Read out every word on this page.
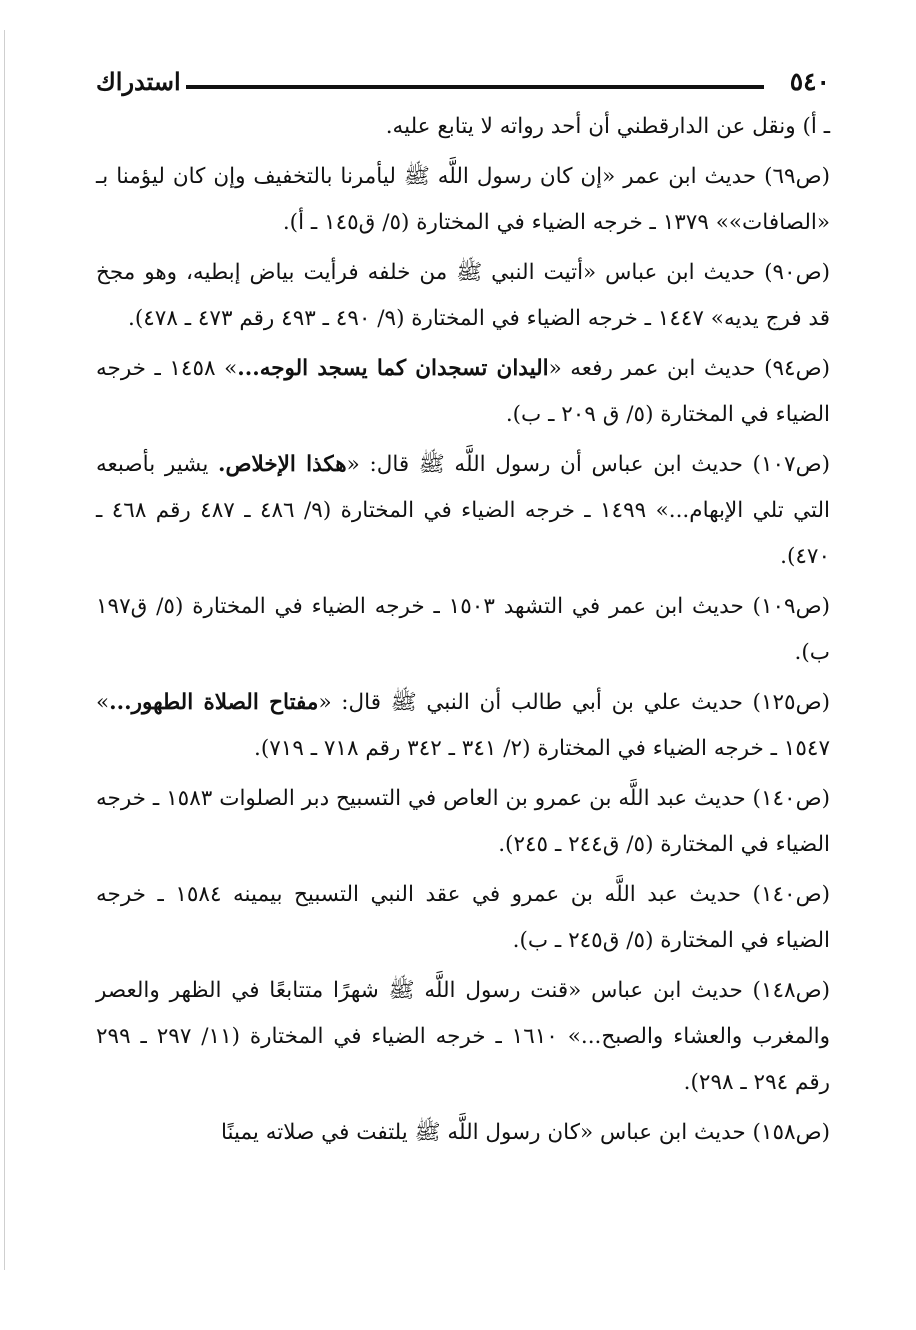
٥٤٠
استدراك

ـ أ) ونقل عن الدارقطني أن أحد رواته لا يتابع عليه.

(ص٦٩) حديث ابن عمر «إن كان رسول اللَّه ﷺ ليأمرنا بالتخفيف وإن كان ليؤمنا بـ «الصافات»» ١٣٧٩ ـ خرجه الضياء في المختارة (٥/ ق١٤٥ ـ أ).

(ص٩٠) حديث ابن عباس «أتيت النبي ﷺ من خلفه فرأيت بياض إبطيه، وهو مجخ قد فرج يديه» ١٤٤٧ ـ خرجه الضياء في المختارة (٩/ ٤٩٠ ـ ٤٩٣ رقم ٤٧٣ ـ ٤٧٨).

(ص٩٤) حديث ابن عمر رفعه «اليدان تسجدان كما يسجد الوجه...» ١٤٥٨ ـ خرجه الضياء في المختارة (٥/ ق ٢٠٩ ـ ب).

(ص١٠٧) حديث ابن عباس أن رسول اللَّه ﷺ قال: «هكذا الإخلاص. يشير بأصبعه التي تلي الإبهام...» ١٤٩٩ ـ خرجه الضياء في المختارة (٩/ ٤٨٦ ـ ٤٨٧ رقم ٤٦٨ ـ ٤٧٠).

(ص١٠٩) حديث ابن عمر في التشهد ١٥٠٣ ـ خرجه الضياء في المختارة (٥/ ق١٩٧ ب).

(ص١٢٥) حديث علي بن أبي طالب أن النبي ﷺ قال: «مفتاح الصلاة الطهور...» ١٥٤٧ ـ خرجه الضياء في المختارة (٢/ ٣٤١ ـ ٣٤٢ رقم ٧١٨ ـ ٧١٩).

(ص١٤٠) حديث عبد اللَّه بن عمرو بن العاص في التسبيح دبر الصلوات ١٥٨٣ ـ خرجه الضياء في المختارة (٥/ ق٢٤٤ ـ ٢٤٥).

(ص١٤٠) حديث عبد اللَّه بن عمرو في عقد النبي التسبيح بيمينه ١٥٨٤ ـ خرجه الضياء في المختارة (٥/ ق٢٤٥ ـ ب).

(ص١٤٨) حديث ابن عباس «قنت رسول اللَّه ﷺ شهرًا متتابعًا في الظهر والعصر والمغرب والعشاء والصبح...» ١٦١٠ ـ خرجه الضياء في المختارة (١١/ ٢٩٧ ـ ٢٩٩ رقم ٢٩٤ ـ ٢٩٨).

(ص١٥٨) حديث ابن عباس «كان رسول اللَّه ﷺ يلتفت في صلاته يمينًا
